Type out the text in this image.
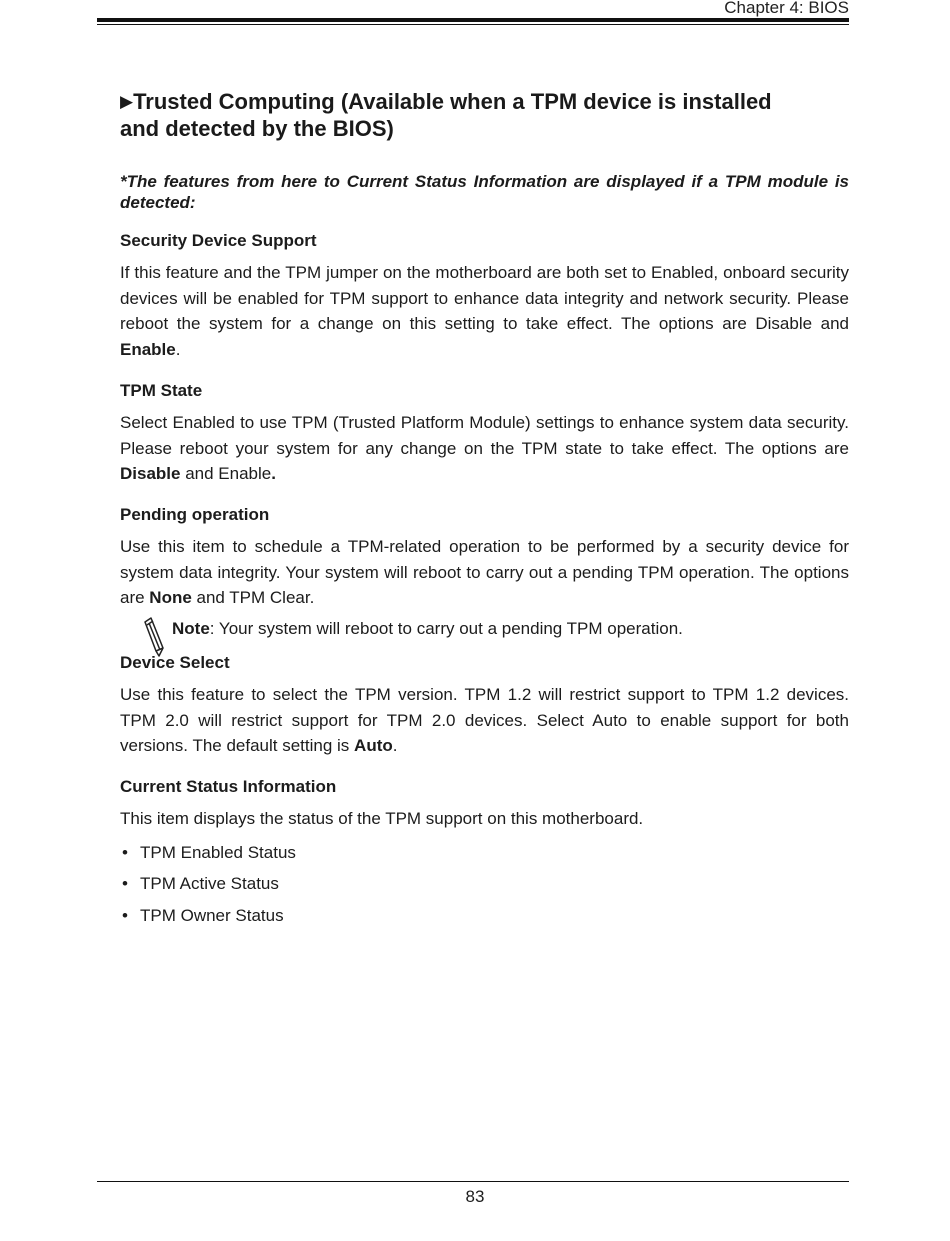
Chapter 4: BIOS
▶Trusted Computing (Available when a TPM device is installed
and detected by the BIOS)

*The features from here to Current Status Information are displayed if a TPM module is detected:

Security Device Support
If this feature and the TPM jumper on the motherboard are both set to Enabled, onboard security devices will be enabled for TPM support to enhance data integrity and network security. Please reboot the system for a change on this setting to take effect. The options are Disable and Enable.
TPM State
Select Enabled to use TPM (Trusted Platform Module) settings to enhance system data security. Please reboot your system for any change on the TPM state to take effect. The options are Disable and Enable.
Pending operation
Use this item to schedule a TPM-related operation to be performed by a security device for system data integrity. Your system will reboot to carry out a pending TPM operation. The options are None and TPM Clear.
Note: Your system will reboot to carry out a pending TPM operation.
Device Select
Use this feature to select the TPM version. TPM 1.2 will restrict support to TPM 1.2 devices. TPM 2.0 will restrict support for TPM 2.0 devices. Select Auto to enable support for both versions. The default setting is Auto.
Current Status Information
This item displays the status of the TPM support on this motherboard.
• TPM Enabled Status
• TPM Active Status
• TPM Owner Status
83
